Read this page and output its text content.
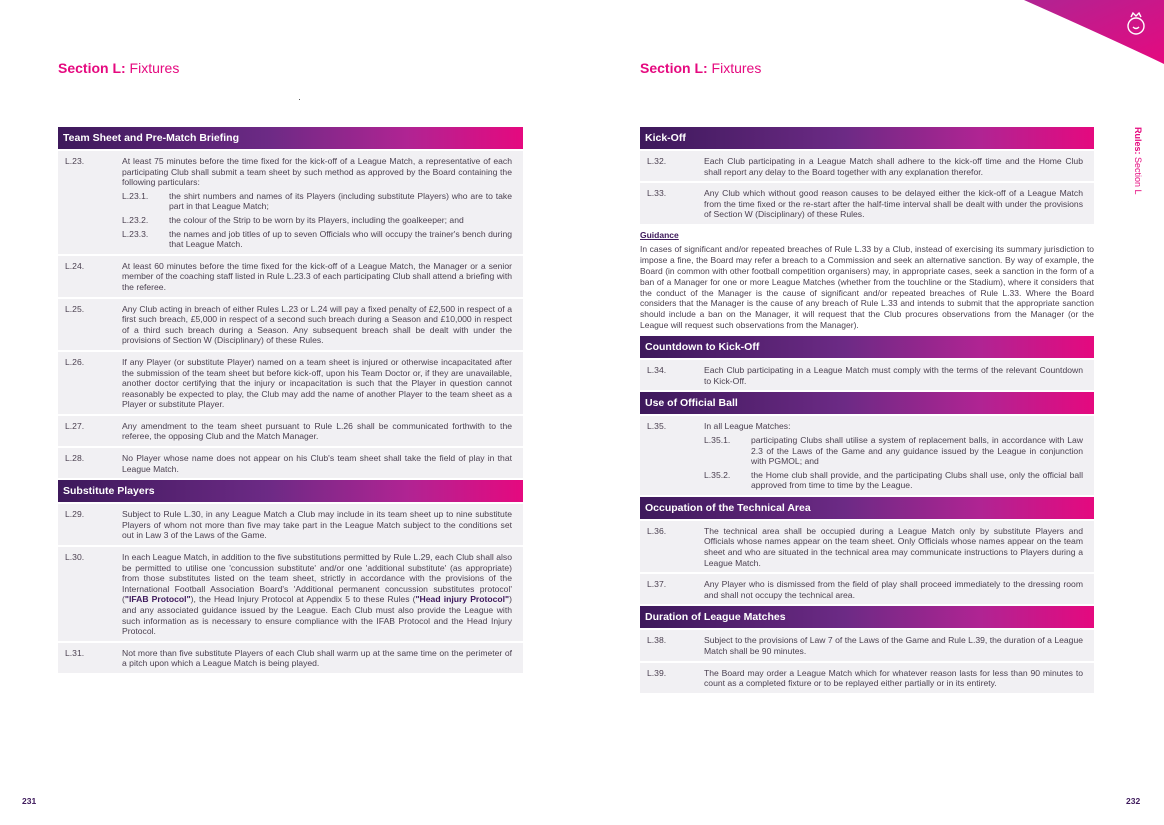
Section L: Fixtures
Team Sheet and Pre-Match Briefing
L.23.	At least 75 minutes before the time fixed for the kick-off of a League Match, a representative of each participating Club shall submit a team sheet by such method as approved by the Board containing the following particulars:

L.23.1.	the shirt numbers and names of its Players (including substitute Players) who are to take part in that League Match;
L.23.2.	the colour of the Strip to be worn by its Players, including the goalkeeper; and
L.23.3.	the names and job titles of up to seven Officials who will occupy the trainer's bench during that League Match.
L.24.	At least 60 minutes before the time fixed for the kick-off of a League Match, the Manager or a senior member of the coaching staff listed in Rule L.23.3 of each participating Club shall attend a briefing with the referee.
L.25.	Any Club acting in breach of either Rules L.23 or L.24 will pay a fixed penalty of £2,500 in respect of a first such breach, £5,000 in respect of a second such breach during a Season and £10,000 in respect of a third such breach during a Season. Any subsequent breach shall be dealt with under the provisions of Section W (Disciplinary) of these Rules.
L.26.	If any Player (or substitute Player) named on a team sheet is injured or otherwise incapacitated after the submission of the team sheet but before kick-off, upon his Team Doctor or, if they are unavailable, another doctor certifying that the injury or incapacitation is such that the Player in question cannot reasonably be expected to play, the Club may add the name of another Player to the team sheet as a Player or substitute Player.
L.27.	Any amendment to the team sheet pursuant to Rule L.26 shall be communicated forthwith to the referee, the opposing Club and the Match Manager.
L.28.	No Player whose name does not appear on his Club's team sheet shall take the field of play in that League Match.
Substitute Players
L.29.	Subject to Rule L.30, in any League Match a Club may include in its team sheet up to nine substitute Players of whom not more than five may take part in the League Match subject to the conditions set out in Law 3 of the Laws of the Game.
L.30.	In each League Match, in addition to the five substitutions permitted by Rule L.29, each Club shall also be permitted to utilise one 'concussion substitute' and/or one 'additional substitute' (as appropriate) from those substitutes listed on the team sheet, strictly in accordance with the provisions of the International Football Association Board's 'Additional permanent concussion substitutes protocol' ("IFAB Protocol"), the Head Injury Protocol at Appendix 5 to these Rules ("Head injury Protocol") and any associated guidance issued by the League. Each Club must also provide the League with such information as is necessary to ensure compliance with the IFAB Protocol and the Head Injury Protocol.
L.31.	Not more than five substitute Players of each Club shall warm up at the same time on the perimeter of a pitch upon which a League Match is being played.
231
Section L: Fixtures
Rules: Section L
Kick-Off
L.32.	Each Club participating in a League Match shall adhere to the kick-off time and the Home Club shall report any delay to the Board together with any explanation therefor.
L.33.	Any Club which without good reason causes to be delayed either the kick-off of a League Match from the time fixed or the re-start after the half-time interval shall be dealt with under the provisions of Section W (Disciplinary) of these Rules.
Guidance
In cases of significant and/or repeated breaches of Rule L.33 by a Club, instead of exercising its summary jurisdiction to impose a fine, the Board may refer a breach to a Commission and seek an alternative sanction. By way of example, the Board (in common with other football competition organisers) may, in appropriate cases, seek a sanction in the form of a ban of a Manager for one or more League Matches (whether from the touchline or the Stadium), where it considers that the conduct of the Manager is the cause of significant and/or repeated breaches of Rule L.33. Where the Board considers that the Manager is the cause of any breach of Rule L.33 and intends to submit that the appropriate sanction should include a ban on the Manager, it will request that the Club procures observations from the Manager (or the League will request such observations from the Manager).
Countdown to Kick-Off
L.34.	Each Club participating in a League Match must comply with the terms of the relevant Countdown to Kick-Off.
Use of Official Ball
L.35.	In all League Matches:

L.35.1.	participating Clubs shall utilise a system of replacement balls, in accordance with Law 2.3 of the Laws of the Game and any guidance issued by the League in conjunction with PGMOL; and
L.35.2.	the Home club shall provide, and the participating Clubs shall use, only the official ball approved from time to time by the League.
Occupation of the Technical Area
L.36.	The technical area shall be occupied during a League Match only by substitute Players and Officials whose names appear on the team sheet. Only Officials whose names appear on the team sheet and who are situated in the technical area may communicate instructions to Players during a League Match.
L.37.	Any Player who is dismissed from the field of play shall proceed immediately to the dressing room and shall not occupy the technical area.
Duration of League Matches
L.38.	Subject to the provisions of Law 7 of the Laws of the Game and Rule L.39, the duration of a League Match shall be 90 minutes.
L.39.	The Board may order a League Match which for whatever reason lasts for less than 90 minutes to count as a completed fixture or to be replayed either partially or in its entirety.
232
